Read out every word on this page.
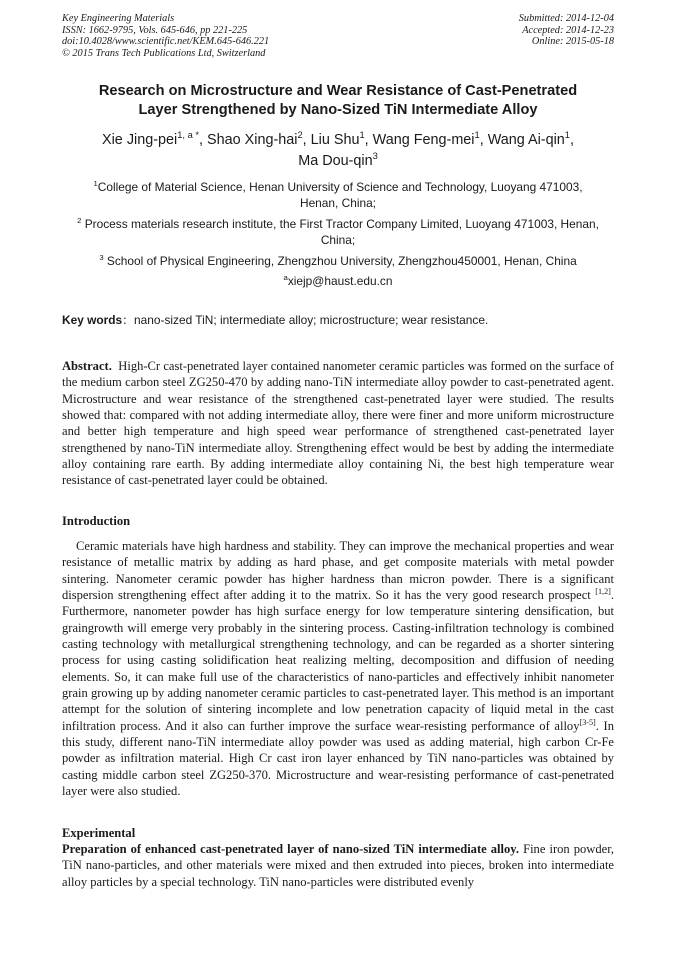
Key Engineering Materials
ISSN: 1662-9795, Vols. 645-646, pp 221-225
doi:10.4028/www.scientific.net/KEM.645-646.221
© 2015 Trans Tech Publications Ltd, Switzerland
Submitted: 2014-12-04
Accepted: 2014-12-23
Online: 2015-05-18
Research on Microstructure and Wear Resistance of Cast-Penetrated
Layer Strengthened by Nano-Sized TiN Intermediate Alloy
Xie Jing-pei$^{1, a *}$, Shao Xing-hai$^2$, Liu Shu$^1$, Wang Feng-mei$^1$, Wang Ai-qin$^1$,
Ma Dou-qin$^3$
$^1$College of Material Science, Henan University of Science and Technology, Luoyang 471003,
Henan, China;
$^2$ Process materials research institute, the First Tractor Company Limited, Luoyang 471003, Henan,
China;
$^3$ School of Physical Engineering, Zhengzhou University, Zhengzhou450001, Henan, China
$^a$xiejp@haust.edu.cn
Key words：nano-sized TiN; intermediate alloy; microstructure; wear resistance.
Abstract. High-Cr cast-penetrated layer contained nanometer ceramic particles was formed on the surface of the medium carbon steel ZG250-470 by adding nano-TiN intermediate alloy powder to cast-penetrated agent. Microstructure and wear resistance of the strengthened cast-penetrated layer were studied. The results showed that: compared with not adding intermediate alloy, there were finer and more uniform microstructure and better high temperature and high speed wear performance of strengthened cast-penetrated layer strengthened by nano-TiN intermediate alloy. Strengthening effect would be best by adding the intermediate alloy containing rare earth. By adding intermediate alloy containing Ni, the best high temperature wear resistance of cast-penetrated layer could be obtained.
Introduction
Ceramic materials have high hardness and stability. They can improve the mechanical properties and wear resistance of metallic matrix by adding as hard phase, and get composite materials with metal powder sintering. Nanometer ceramic powder has higher hardness than micron powder. There is a significant dispersion strengthening effect after adding it to the matrix. So it has the very good research prospect [1,2]. Furthermore, nanometer powder has high surface energy for low temperature sintering densification, but graingrowth will emerge very probably in the sintering process. Casting-infiltration technology is combined casting technology with metallurgical strengthening technology, and can be regarded as a shorter sintering process for using casting solidification heat realizing melting, decomposition and diffusion of needing elements. So, it can make full use of the characteristics of nano-particles and effectively inhibit nanometer grain growing up by adding nanometer ceramic particles to cast-penetrated layer. This method is an important attempt for the solution of sintering incomplete and low penetration capacity of liquid metal in the cast infiltration process. And it also can further improve the surface wear-resisting performance of alloy[3-5]. In this study, different nano-TiN intermediate alloy powder was used as adding material, high carbon Cr-Fe powder as infiltration material. High Cr cast iron layer enhanced by TiN nano-particles was obtained by casting middle carbon steel ZG250-370. Microstructure and wear-resisting performance of cast-penetrated layer were also studied.
Experimental
Preparation of enhanced cast-penetrated layer of nano-sized TiN intermediate alloy. Fine iron powder, TiN nano-particles, and other materials were mixed and then extruded into pieces, broken into intermediate alloy particles by a special technology. TiN nano-particles were distributed evenly
